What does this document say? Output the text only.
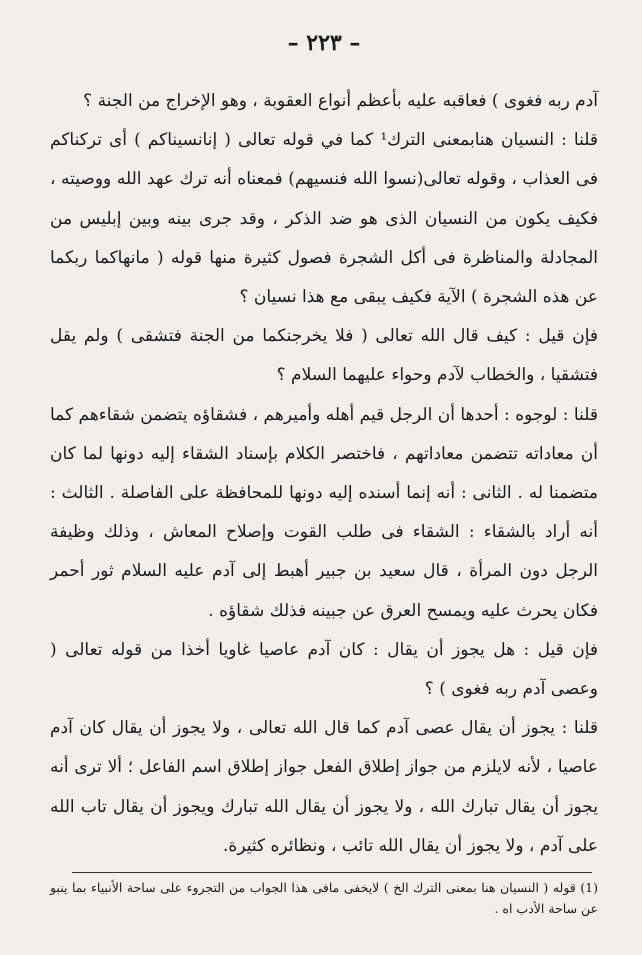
– ٢٢٣ –

آدم ربه فغوى ) فعاقبه عليه بأعظم أنواع العقوبة ، وهو الإخراج من الجنة ؟

قلنا : النسيان هنابمعنى الترك¹ كما في قوله تعالى ( إنانسيناكم ) أى تركناكم فى العذاب ، وقوله تعالى(نسوا الله فنسيهم) فمعناه أنه ترك عهد الله ووصيته ، فكيف يكون من النسيان الذى هو ضد الذكر ، وقد جرى بينه وبين إبليس من المجادلة والمناظرة فى أكل الشجرة فصول كثيرة منها قوله ( مانهاكما ربكما عن هذه الشجرة ) الآية فكيف يبقى مع هذا نسيان ؟

فإن قيل : كيف قال الله تعالى ( فلا يخرجنكما من الجنة فتشقى ) ولم يقل فتشقيا ، والخطاب لآدم وحواء عليهما السلام ؟

قلنا : لوجوه : أحدها أن الرجل قيم أهله وأميرهم ، فشقاؤه يتضمن شقاءهم كما أن معاداته تتضمن معاداتهم ، فاختصر الكلام بإسناد الشقاء إليه دونها لما كان متضمنا له . الثانى : أنه إنما أسنده إليه دونها للمحافظة على الفاصلة . الثالث : أنه أراد بالشقاء : الشقاء فى طلب القوت وإصلاح المعاش ، وذلك وظيفة الرجل دون المرأة ، قال سعيد بن جبير أهبط إلى آدم عليه السلام ثور أحمر فكان يحرث عليه ويمسح العرق عن جبينه فذلك شقاؤه .

فإن قيل : هل يجوز أن يقال : كان آدم عاصيا غاويا أخذا من قوله تعالى ( وعصى آدم ربه فغوى ) ؟

قلنا : يجوز أن يقال عصى آدم كما قال الله تعالى ، ولا يجوز أن يقال كان آدم عاصيا ، لأنه لايلزم من جواز إطلاق الفعل جواز إطلاق اسم الفاعل ؛ ألا ترى أنه يجوز أن يقال تبارك الله ، ولا يجوز أن يقال الله تبارك ويجوز أن يقال تاب الله على آدم ، ولا يجوز أن يقال الله تائب ، ونظائره كثيرة.

(1) قوله ( النسيان هنا بمعنى الترك الخ ) لايخفى مافى هذا الجواب من التجروء على ساحة الأنبياء بما ينبو عن ساحة الأدب اه .
